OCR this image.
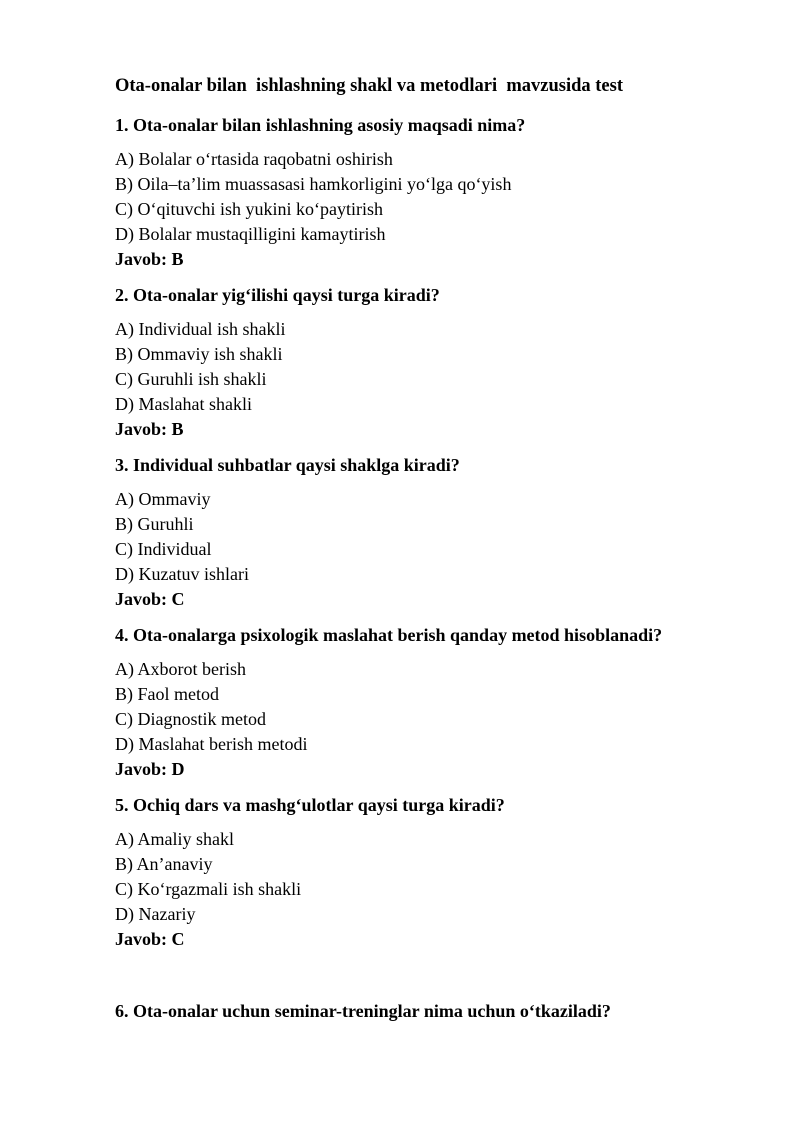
Ota-onalar bilan  ishlashning shakl va metodlari  mavzusida test
1. Ota-onalar bilan ishlashning asosiy maqsadi nima?
A) Bolalar o‘rtasida raqobatni oshirish
B) Oila–ta’lim muassasasi hamkorligini yo‘lga qo‘yish
C) O‘qituvchi ish yukini ko‘paytirish
D) Bolalar mustaqilligini kamaytirish
Javob: B
2. Ota-onalar yig‘ilishi qaysi turga kiradi?
A) Individual ish shakli
B) Ommaviy ish shakli
C) Guruhli ish shakli
D) Maslahat shakli
Javob: B
3. Individual suhbatlar qaysi shaklga kiradi?
A) Ommaviy
B) Guruhli
C) Individual
D) Kuzatuv ishlari
Javob: C
4. Ota-onalarga psixologik maslahat berish qanday metod hisoblanadi?
A) Axborot berish
B) Faol metod
C) Diagnostik metod
D) Maslahat berish metodi
Javob: D
5. Ochiq dars va mashg‘ulotlar qaysi turga kiradi?
A) Amaliy shakl
B) An’anaviy
C) Ko‘rgazmali ish shakli
D) Nazariy
Javob: C
6. Ota-onalar uchun seminar-treninglar nima uchun o‘tkaziladi?
